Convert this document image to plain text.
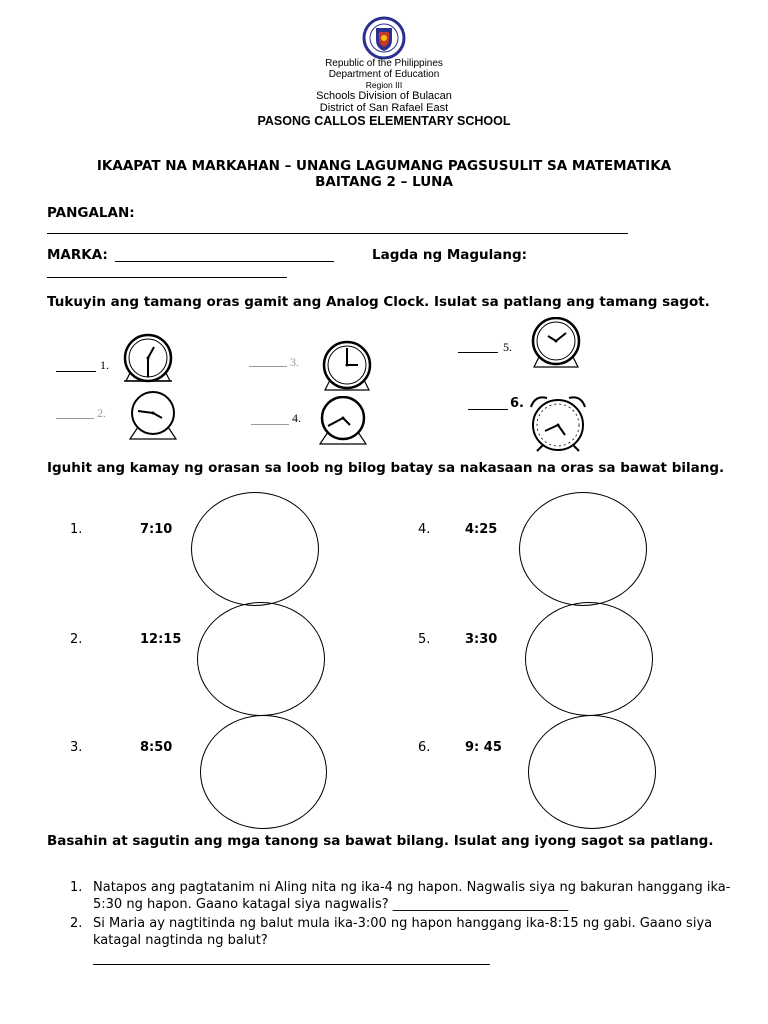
Republic of the Philippines
Department of Education
Region III
Schools Division of Bulacan
District of San Rafael East
PASONG CALLOS ELEMENTARY SCHOOL
IKAAPAT NA MARKAHAN – UNANG LAGUMANG PAGSUSULIT SA MATEMATIKA
BAITANG 2 – LUNA
PANGALAN:
MARKA:	Lagda ng Magulang:
Tukuyin ang tamang oras gamit ang Analog Clock. Isulat sa patlang ang tamang sagot.
1.
2.
3.
4.
5.
6.
Iguhit ang kamay ng orasan sa loob ng bilog batay sa nakasaan na oras sa bawat bilang.
1.	7:10
2.	12:15
3.	8:50
4.	4:25
5.	3:30
6.	9: 45
Basahin at sagutin ang mga tanong sa bawat bilang. Isulat ang iyong sagot sa patlang.
1. Natapos ang pagtatanim ni Aling nita ng ika-4 ng hapon. Nagwalis siya ng bakuran hanggang ika-5:30 ng hapon. Gaano katagal siya nagwalis? ___________________________
2. Si Maria ay nagtitinda ng balut mula ika-3:00 ng hapon hanggang ika-8:15 ng gabi. Gaano siya katagal nagtinda ng balut?
